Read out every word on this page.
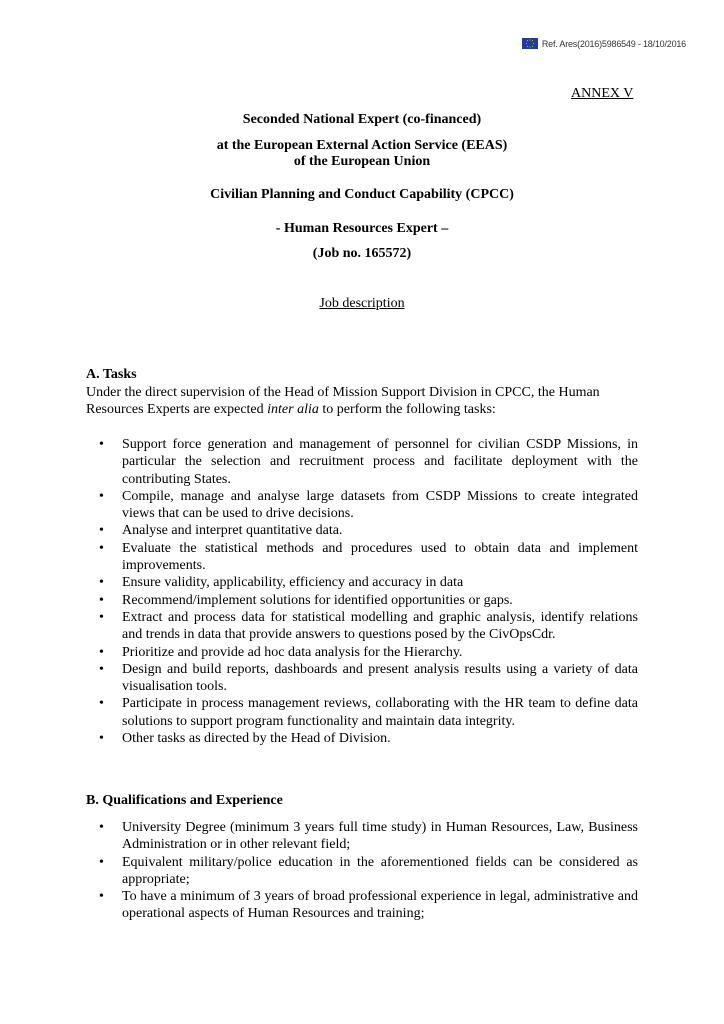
Ref. Ares(2016)5986549 - 18/10/2016
ANNEX V
Seconded National Expert (co-financed)
at the European External Action Service (EEAS)
of the European Union
Civilian Planning and Conduct Capability (CPCC)
- Human Resources Expert –
(Job no. 165572)
Job description
A. Tasks
Under the direct supervision of the Head of Mission Support Division in CPCC, the Human Resources Experts are expected inter alia to perform the following tasks:
• Support force generation and management of personnel for civilian CSDP Missions, in particular the selection and recruitment process and facilitate deployment with the contributing States.
• Compile, manage and analyse large datasets from CSDP Missions to create integrated views that can be used to drive decisions.
• Analyse and interpret quantitative data.
• Evaluate the statistical methods and procedures used to obtain data and implement improvements.
• Ensure validity, applicability, efficiency and accuracy in data
• Recommend/implement solutions for identified opportunities or gaps.
• Extract and process data for statistical modelling and graphic analysis, identify relations and trends in data that provide answers to questions posed by the CivOpsCdr.
• Prioritize and provide ad hoc data analysis for the Hierarchy.
• Design and build reports, dashboards and present analysis results using a variety of data visualisation tools.
• Participate in process management reviews, collaborating with the HR team to define data solutions to support program functionality and maintain data integrity.
• Other tasks as directed by the Head of Division.
B. Qualifications and Experience
• University Degree (minimum 3 years full time study) in Human Resources, Law, Business Administration or in other relevant field;
• Equivalent military/police education in the aforementioned fields can be considered as appropriate;
• To have a minimum of 3 years of broad professional experience in legal, administrative and operational aspects of Human Resources and training;
